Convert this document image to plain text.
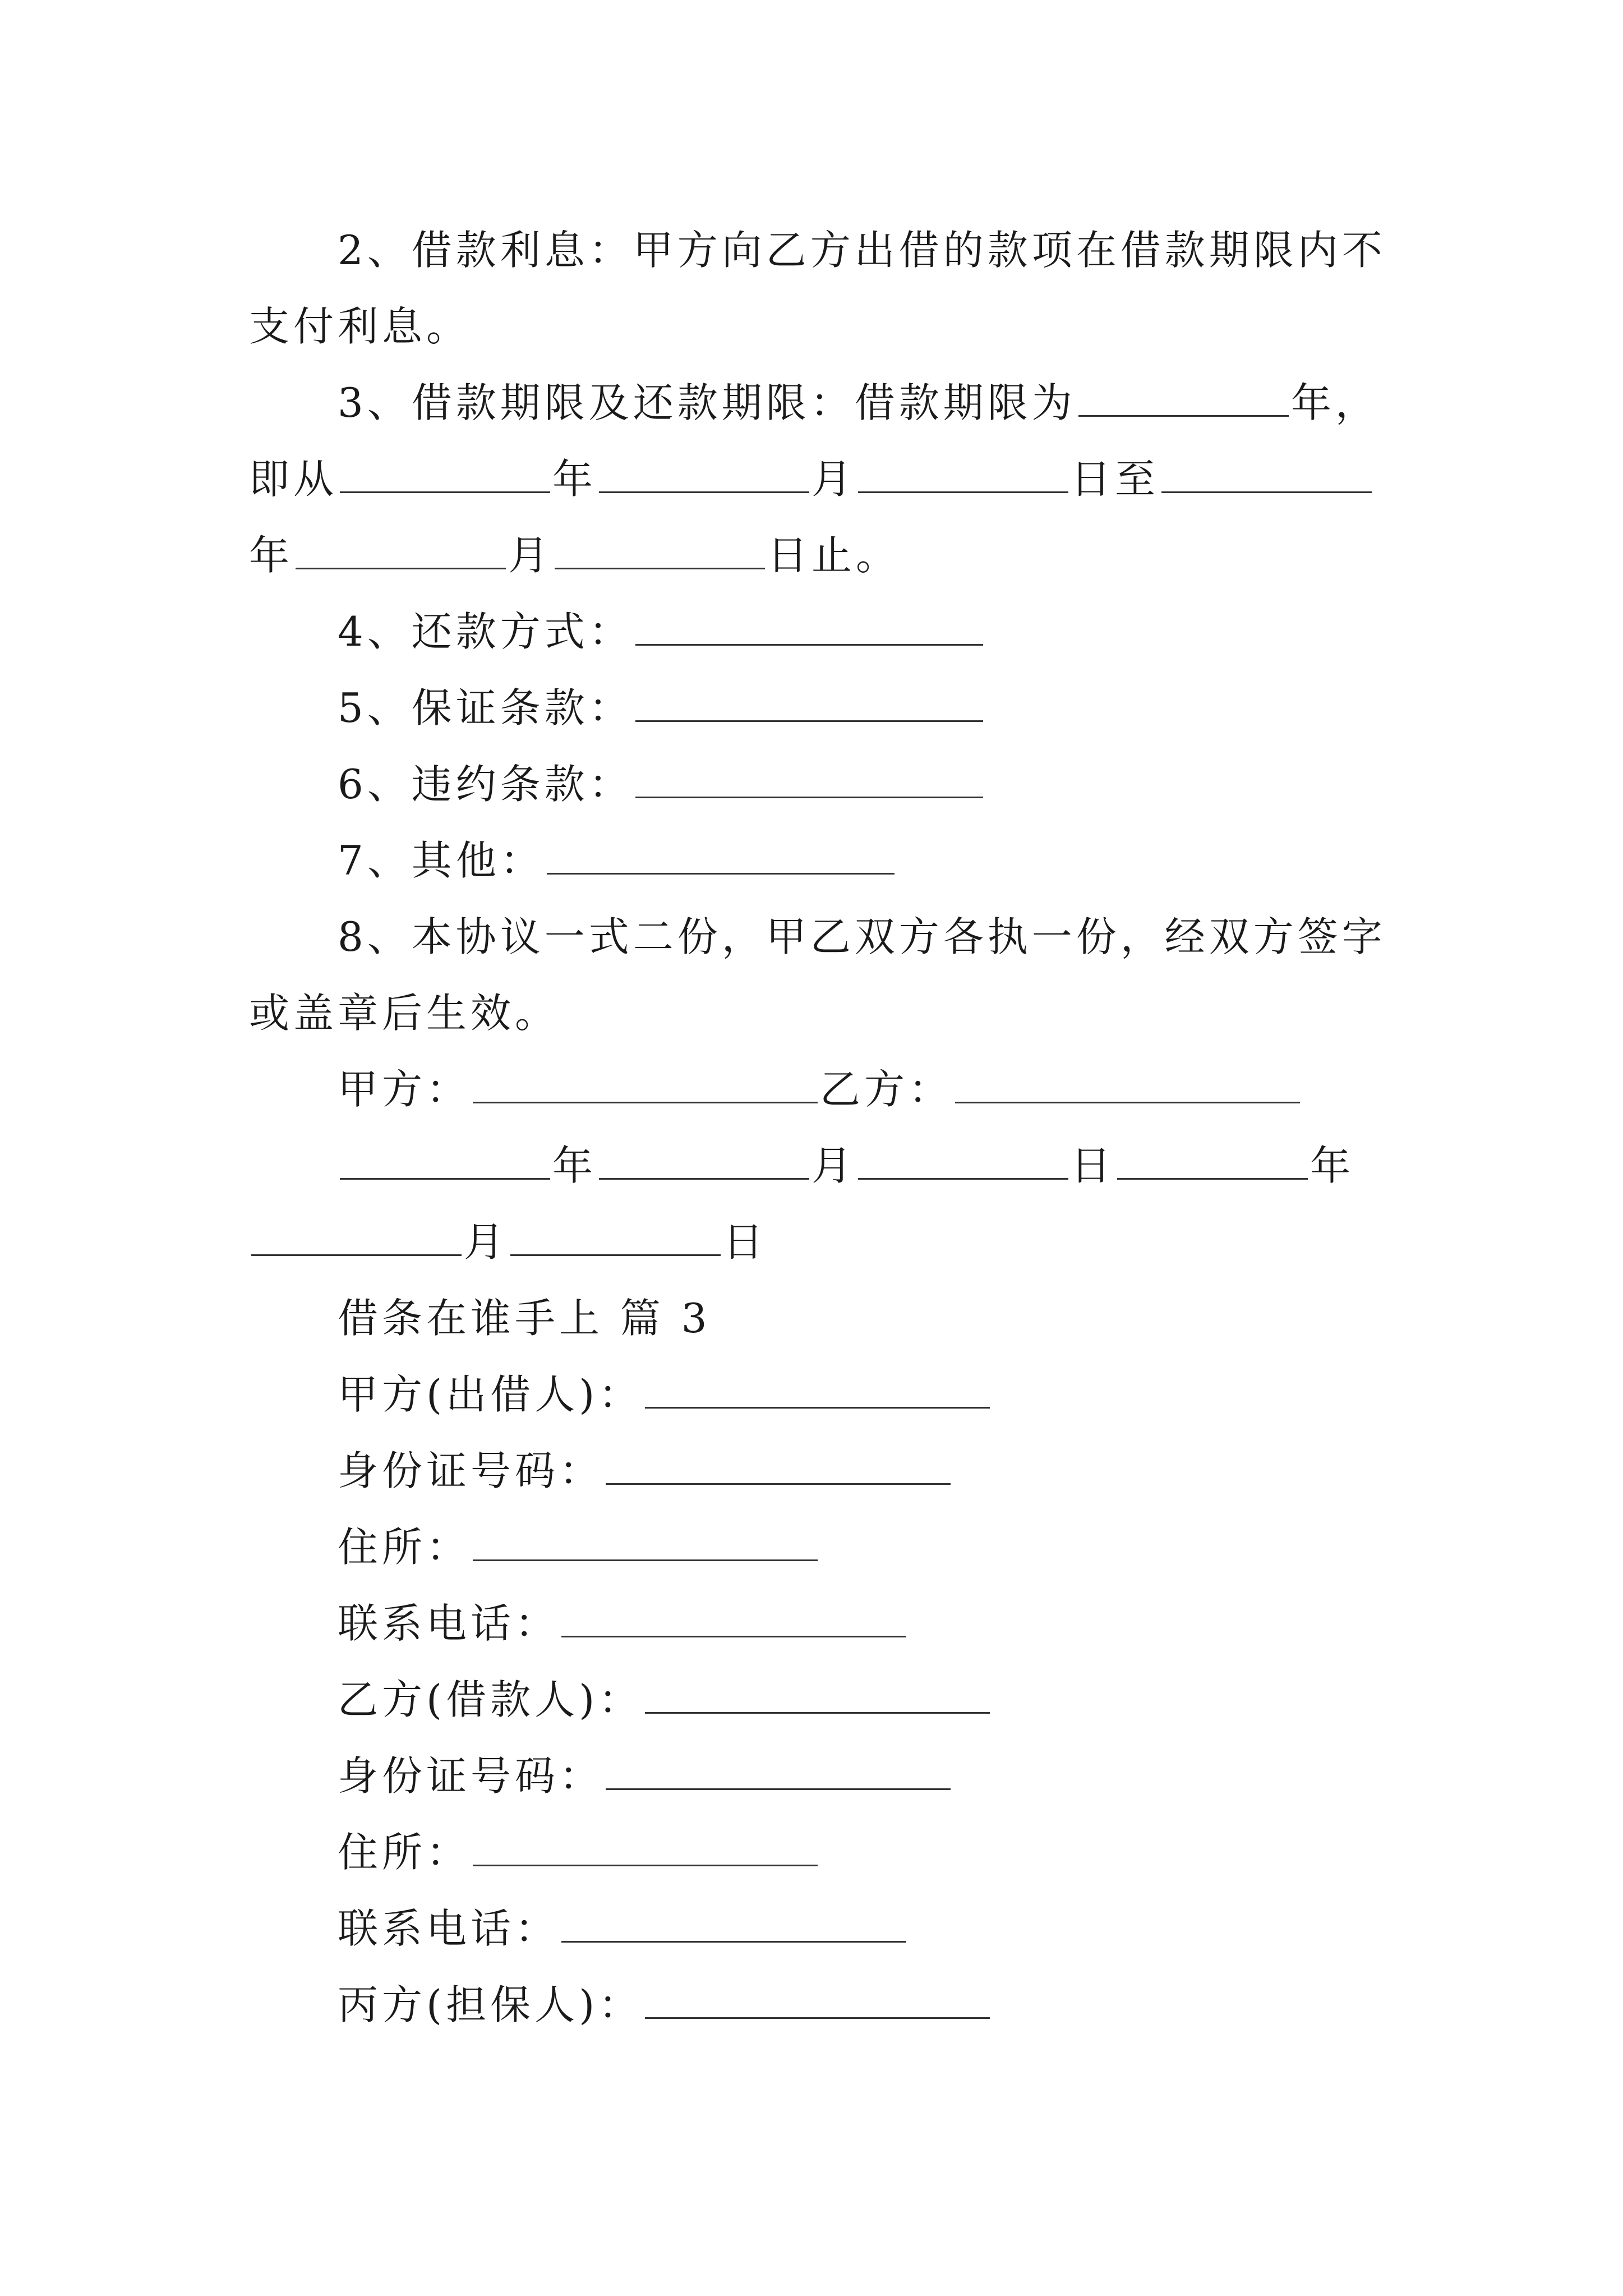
2、借款利息：甲方向乙方出借的款项在借款期限内不
支付利息。
3、借款期限及还款期限：借款期限为	年，
即从	年	月	日至
年	月	日止。
4、还款方式：
5、保证条款：
6、违约条款：
7、其他：
8、本协议一式二份，甲乙双方各执一份，经双方签字
或盖章后生效。
甲方：	乙方：
年	月	日	年
月	日
借条在谁手上 篇 3
甲方(出借人)：
身份证号码：
住所：
联系电话：
乙方(借款人)：
身份证号码：
住所：
联系电话：
丙方(担保人)：
